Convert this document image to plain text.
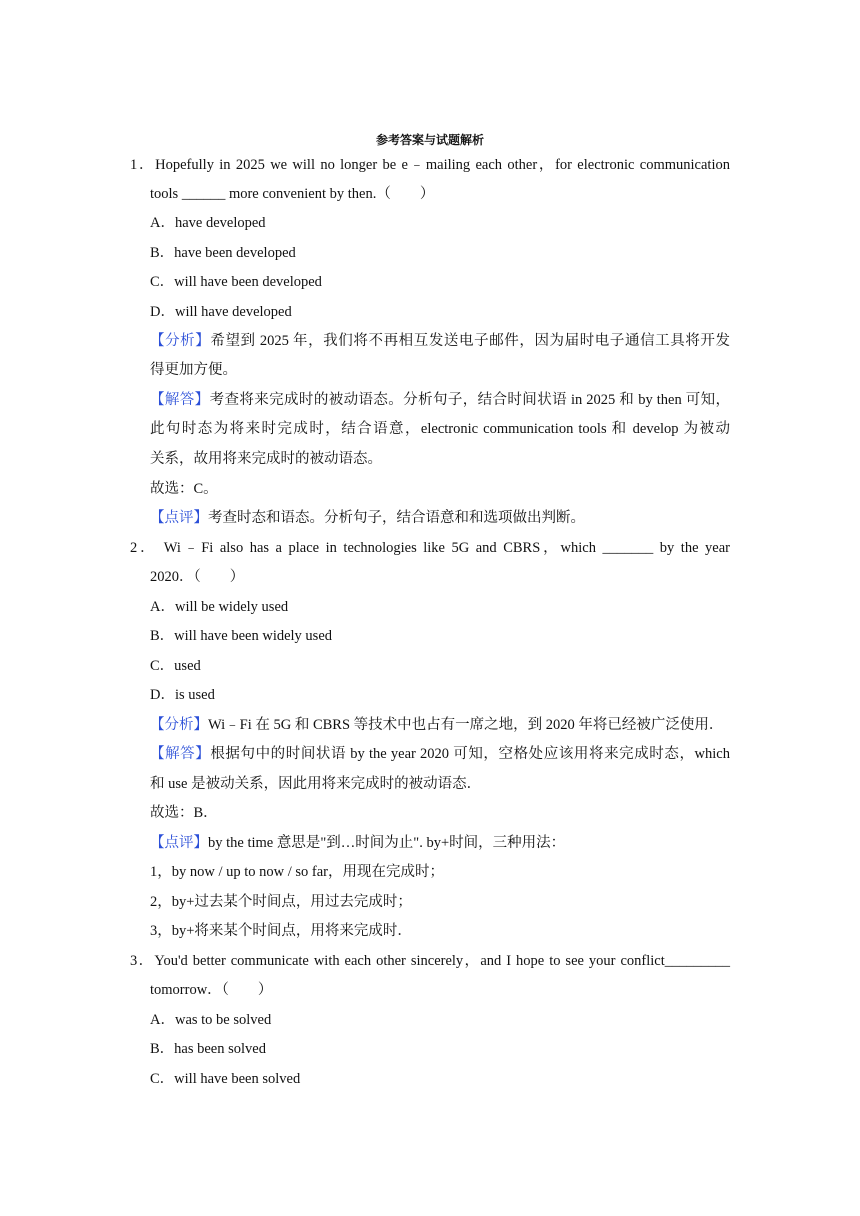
参考答案与试题解析
1．Hopefully in 2025 we will no longer be e﹣mailing each other，for electronic communication
tools ______ more convenient by then.（　　）
A．have developed
B．have been developed
C．will have been developed
D．will have developed
【分析】希望到 2025 年，我们将不再相互发送电子邮件，因为届时电子通信工具将开发
得更加方便。
【解答】考查将来完成时的被动语态。分析句子，结合时间状语 in 2025 和 by then 可知，
此句时态为将来时完成时，结合语意，electronic communication tools 和 develop 为被动
关系，故用将来完成时的被动语态。
故选：C。
【点评】考查时态和语态。分析句子，结合语意和和选项做出判断。
2． Wi﹣Fi also has a place in technologies like 5G and CBRS，which _______ by the year
2020．（　　）
A．will be widely used
B．will have been widely used
C．used
D．is used
【分析】Wi﹣Fi 在 5G 和 CBRS 等技术中也占有一席之地，到 2020 年将已经被广泛使用．
【解答】根据句中的时间状语 by the year 2020 可知，空格处应该用将来完成时态，which
和 use 是被动关系，因此用将来完成时的被动语态．
故选：B．
【点评】by the time 意思是"到…时间为止". by+时间，三种用法：
1，by now / up to now / so far，用现在完成时；
2，by+过去某个时间点，用过去完成时；
3，by+将来某个时间点，用将来完成时．
3．You'd better communicate with each other sincerely，and I hope to see your conflict_________
tomorrow．（　　）
A．was to be solved
B．has been solved
C．will have been solved
